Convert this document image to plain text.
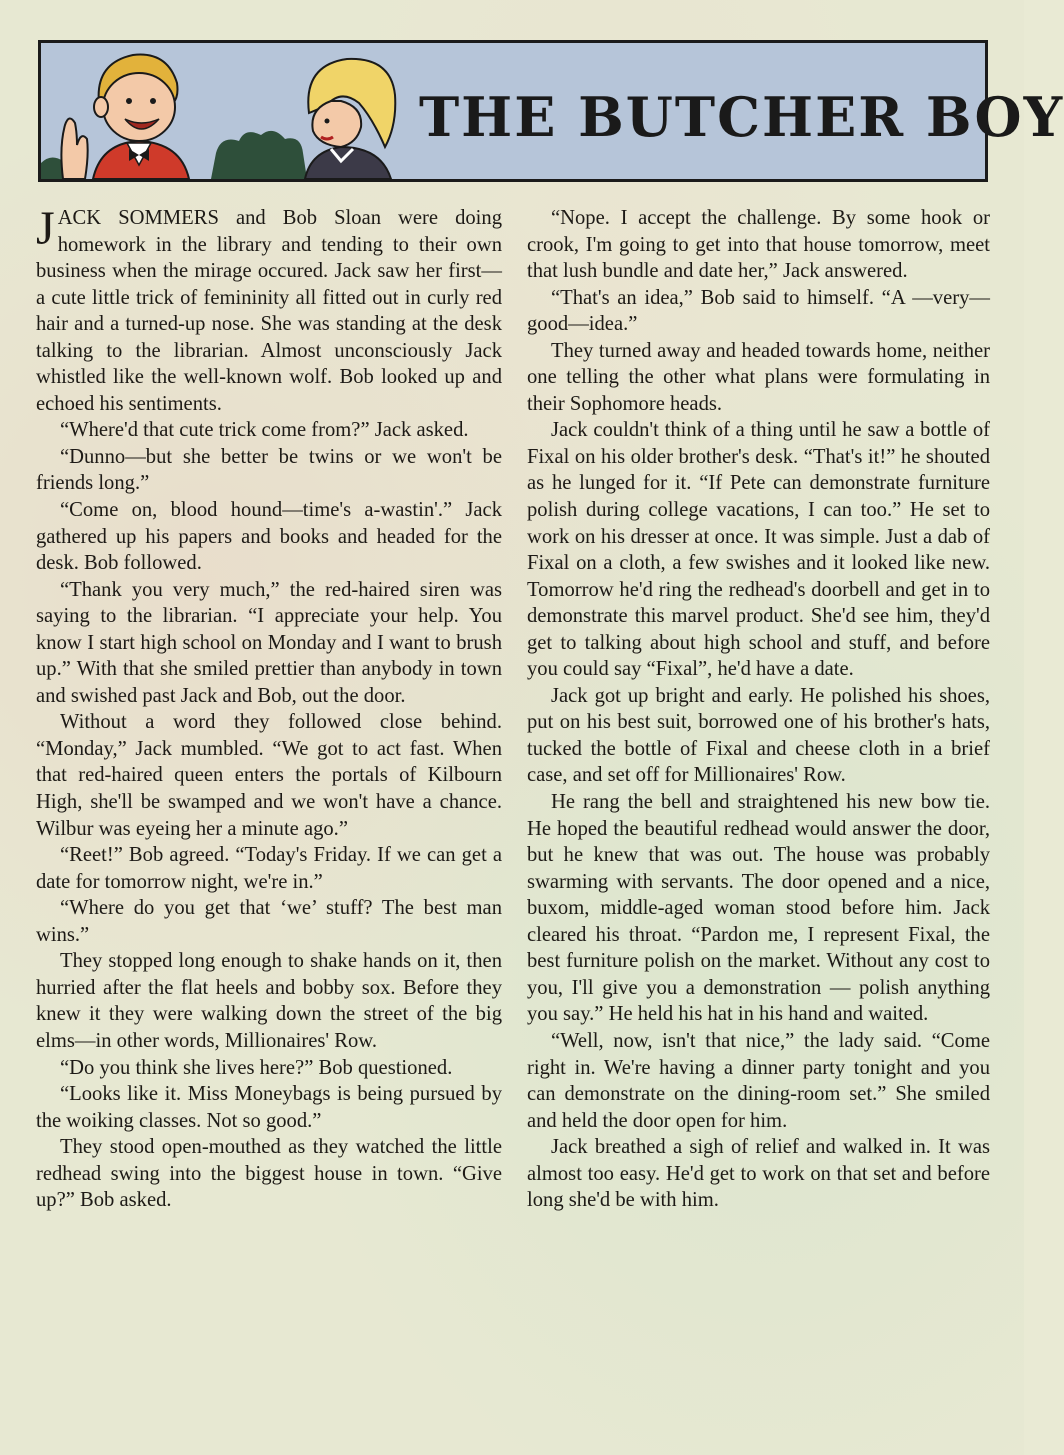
THE BUTCHER BOY

JACK SOMMERS and Bob Sloan were doing homework in the library and tending to their own business when the mirage occured. Jack saw her first—a cute little trick of femininity all fitted out in curly red hair and a turned-up nose. She was standing at the desk talking to the librarian. Almost unconsciously Jack whistled like the well-known wolf. Bob looked up and echoed his sentiments.

“Where'd that cute trick come from?” Jack asked.

“Dunno—but she better be twins or we won't be friends long.”

“Come on, blood hound—time's a-wastin'.” Jack gathered up his papers and books and headed for the desk. Bob followed.

“Thank you very much,” the red-haired siren was saying to the librarian. “I appreciate your help. You know I start high school on Monday and I want to brush up.” With that she smiled prettier than anybody in town and swished past Jack and Bob, out the door.

Without a word they followed close behind. “Monday,” Jack mumbled. “We got to act fast. When that red-haired queen enters the portals of Kilbourn High, she'll be swamped and we won't have a chance. Wilbur was eyeing her a minute ago.”

“Reet!” Bob agreed. “Today's Friday. If we can get a date for tomorrow night, we're in.”

“Where do you get that ‘we’ stuff? The best man wins.”

They stopped long enough to shake hands on it, then hurried after the flat heels and bobby sox. Before they knew it they were walking down the street of the big elms—in other words, Millionaires' Row.

“Do you think she lives here?” Bob questioned.

“Looks like it. Miss Moneybags is being pursued by the woiking classes. Not so good.”

They stood open-mouthed as they watched the little redhead swing into the biggest house in town. “Give up?” Bob asked.

“Nope. I accept the challenge. By some hook or crook, I'm going to get into that house tomorrow, meet that lush bundle and date her,” Jack answered.

“That's an idea,” Bob said to himself. “A —very—good—idea.”

They turned away and headed towards home, neither one telling the other what plans were formulating in their Sophomore heads.

Jack couldn't think of a thing until he saw a bottle of Fixal on his older brother's desk. “That's it!” he shouted as he lunged for it. “If Pete can demonstrate furniture polish during college vacations, I can too.” He set to work on his dresser at once. It was simple. Just a dab of Fixal on a cloth, a few swishes and it looked like new. Tomorrow he'd ring the redhead's doorbell and get in to demonstrate this marvel product. She'd see him, they'd get to talking about high school and stuff, and before you could say “Fixal”, he'd have a date.

Jack got up bright and early. He polished his shoes, put on his best suit, borrowed one of his brother's hats, tucked the bottle of Fixal and cheese cloth in a brief case, and set off for Millionaires' Row.

He rang the bell and straightened his new bow tie. He hoped the beautiful redhead would answer the door, but he knew that was out. The house was probably swarming with servants. The door opened and a nice, buxom, middle-aged woman stood before him. Jack cleared his throat. “Pardon me, I represent Fixal, the best furniture polish on the market. Without any cost to you, I'll give you a demonstration — polish anything you say.” He held his hat in his hand and waited.

“Well, now, isn't that nice,” the lady said. “Come right in. We're having a dinner party tonight and you can demonstrate on the dining-room set.” She smiled and held the door open for him.

Jack breathed a sigh of relief and walked in. It was almost too easy. He'd get to work on that set and before long she'd be with him.
